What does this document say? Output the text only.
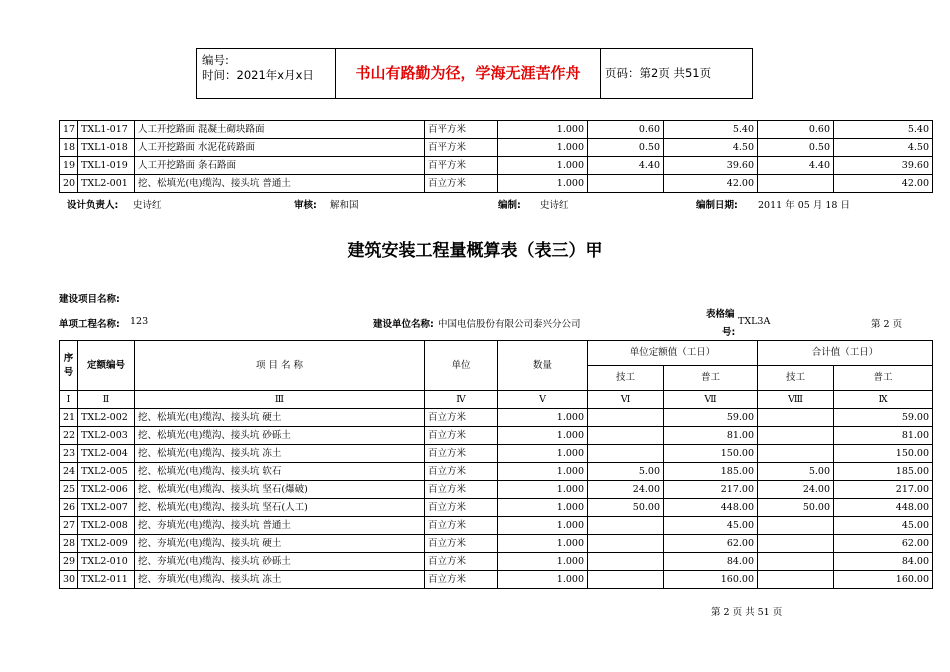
编号:
时间：2021年x月x日	书山有路勤为径，学海无涯苦作舟	页码：第2页 共51页
17	TXL1-017	人工开挖路面 混凝土砌块路面	百平方米	1.000	0.60	5.40	0.60	5.40
18	TXL1-018	人工开挖路面 水泥花砖路面	百平方米	1.000	0.50	4.50	0.50	4.50
19	TXL1-019	人工开挖路面 条石路面	百平方米	1.000	4.40	39.60	4.40	39.60
20	TXL2-001	挖、松填光(电)缆沟、接头坑 普通土	百立方米	1.000		42.00		42.00
设计负责人: 史诗红	审核: 解和国	编制: 史诗红	编制日期: 2011 年 05 月 18 日
建筑安装工程量概算表（表三）甲
建设项目名称:
单项工程名称: 123	建设单位名称: 中国电信股份有限公司泰兴分公司
表格编
号:
TXL3A	第 2 页
序
号	定额编号	项 目 名 称	单位	数量	单位定额值（工日）		合计值（工日）	
					技工	普工	技工	普工
Ⅰ	Ⅱ	Ⅲ	Ⅳ	Ⅴ	Ⅵ	Ⅶ	Ⅷ	Ⅸ
21	TXL2-002	挖、松填光(电)缆沟、接头坑 硬土	百立方米	1.000		59.00		59.00
22	TXL2-003	挖、松填光(电)缆沟、接头坑 砂砾土	百立方米	1.000		81.00		81.00
23	TXL2-004	挖、松填光(电)缆沟、接头坑 冻土	百立方米	1.000		150.00		150.00
24	TXL2-005	挖、松填光(电)缆沟、接头坑 软石	百立方米	1.000	5.00	185.00	5.00	185.00
25	TXL2-006	挖、松填光(电)缆沟、接头坑 坚石(爆破)	百立方米	1.000	24.00	217.00	24.00	217.00
26	TXL2-007	挖、松填光(电)缆沟、接头坑 坚石(人工)	百立方米	1.000	50.00	448.00	50.00	448.00
27	TXL2-008	挖、夯填光(电)缆沟、接头坑 普通土	百立方米	1.000		45.00		45.00
28	TXL2-009	挖、夯填光(电)缆沟、接头坑 硬土	百立方米	1.000		62.00		62.00
29	TXL2-010	挖、夯填光(电)缆沟、接头坑 砂砾土	百立方米	1.000		84.00		84.00
30	TXL2-011	挖、夯填光(电)缆沟、接头坑 冻土	百立方米	1.000		160.00		160.00
第 2 页 共 51 页
